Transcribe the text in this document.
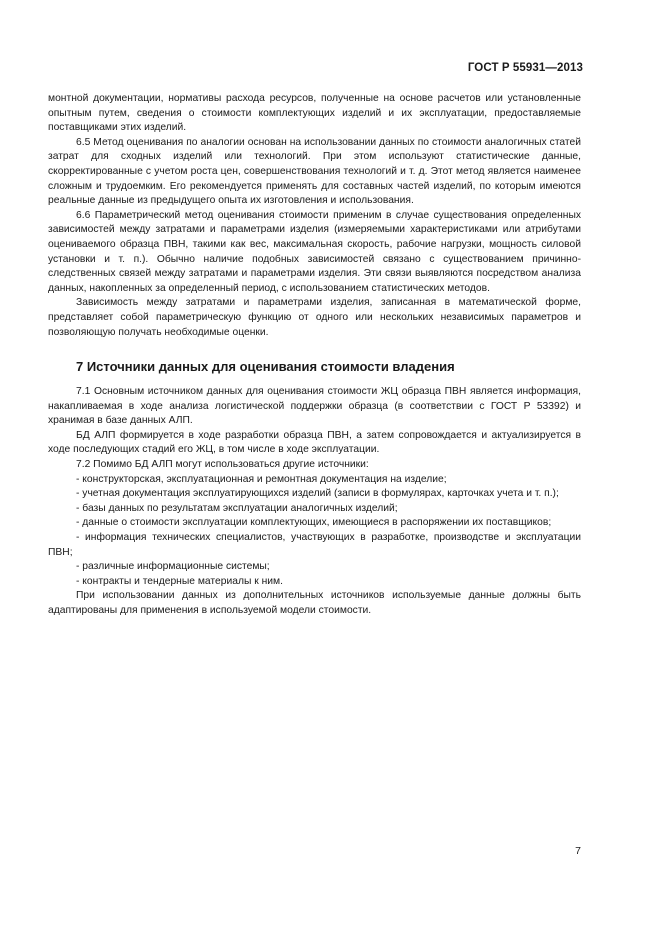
ГОСТ Р 55931—2013

монтной документации, нормативы расхода ресурсов, полученные на основе расчетов или установленные опытным путем, сведения о стоимости комплектующих изделий и их эксплуатации, предоставляемые поставщиками этих изделий.

6.5 Метод оценивания по аналогии основан на использовании данных по стоимости аналогичных статей затрат для сходных изделий или технологий. При этом используют статистические данные, скорректированные с учетом роста цен, совершенствования технологий и т. д. Этот метод является наименее сложным и трудоемким. Его рекомендуется применять для составных частей изделий, по которым имеются реальные данные из предыдущего опыта их изготовления и использования.

6.6 Параметрический метод оценивания стоимости применим в случае существования определенных зависимостей между затратами и параметрами изделия (измеряемыми характеристиками или атрибутами оцениваемого образца ПВН, такими как вес, максимальная скорость, рабочие нагрузки, мощность силовой установки и т. п.). Обычно наличие подобных зависимостей связано с существованием причинно-следственных связей между затратами и параметрами изделия. Эти связи выявляются посредством анализа данных, накопленных за определенный период, с использованием статистических методов.

Зависимость между затратами и параметрами изделия, записанная в математической форме, представляет собой параметрическую функцию от одного или нескольких независимых параметров и позволяющую получать необходимые оценки.

7 Источники данных для оценивания стоимости владения

7.1 Основным источником данных для оценивания стоимости ЖЦ образца ПВН является информация, накапливаемая в ходе анализа логистической поддержки образца (в соответствии с ГОСТ Р 53392) и хранимая в базе данных АЛП.

БД АЛП формируется в ходе разработки образца ПВН, а затем сопровождается и актуализируется в ходе последующих стадий его ЖЦ, в том числе в ходе эксплуатации.

7.2 Помимо БД АЛП могут использоваться другие источники:

- конструкторская, эксплуатационная и ремонтная документация на изделие;

- учетная документация эксплуатирующихся изделий (записи в формулярах, карточках учета и т. п.);

- базы данных по результатам эксплуатации аналогичных изделий;

- данные о стоимости эксплуатации комплектующих, имеющиеся в распоряжении их поставщиков;

- информация технических специалистов, участвующих в разработке, производстве и эксплуатации ПВН;

- различные информационные системы;

- контракты и тендерные материалы к ним.

При использовании данных из дополнительных источников используемые данные должны быть адаптированы для применения в используемой модели стоимости.

7
